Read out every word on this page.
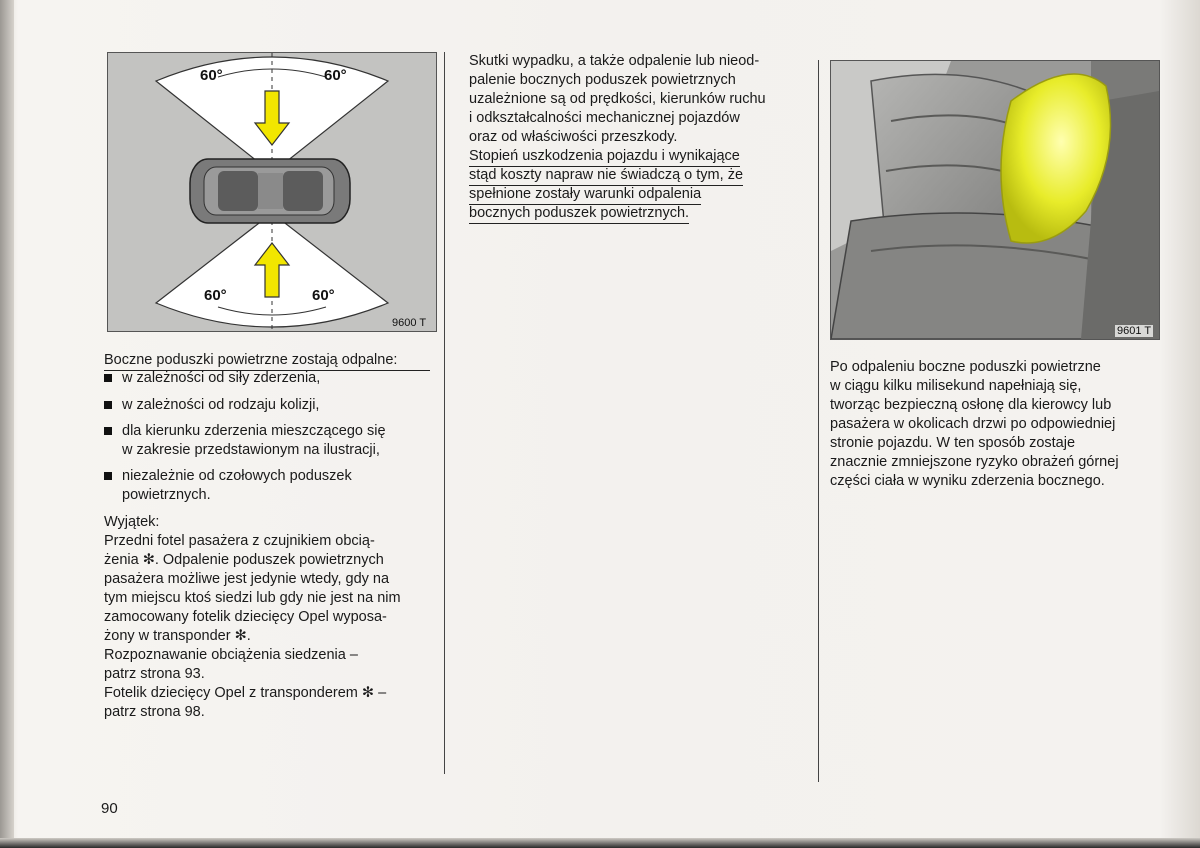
60°	60°
60°	60°
9600 T
Boczne poduszki powietrzne zostają odpalne:
w zależności od siły zderzenia,
w zależności od rodzaju kolizji,
dla kierunku zderzenia mieszczącego się
w zakresie przedstawionym na ilustracji,
niezależnie od czołowych poduszek
powietrznych.
Wyjątek:
Przedni fotel pasażera z czujnikiem obcią-
żenia ✻. Odpalenie poduszek powietrznych
pasażera możliwe jest jedynie wtedy, gdy na
tym miejscu ktoś siedzi lub gdy nie jest na nim
zamocowany fotelik dziecięcy Opel wyposa-
żony w transponder ✻.
Rozpoznawanie obciążenia siedzenia –
patrz strona 93.
Fotelik dziecięcy Opel z transponderem ✻ –
patrz strona 98.
Skutki wypadku, a także odpalenie lub nieod-
palenie bocznych poduszek powietrznych
uzależnione są od prędkości, kierunków ruchu
i odkształcalności mechanicznej pojazdów
oraz od właściwości przeszkody.
Stopień uszkodzenia pojazdu i wynikające
stąd koszty napraw nie świadczą o tym, że
spełnione zostały warunki odpalenia
bocznych poduszek powietrznych.
9601 T
Po odpaleniu boczne poduszki powietrzne
w ciągu kilku milisekund napełniają się,
tworząc bezpieczną osłonę dla kierowcy lub
pasażera w okolicach drzwi po odpowiedniej
stronie pojazdu. W ten sposób zostaje
znacznie zmniejszone ryzyko obrażeń górnej
części ciała w wyniku zderzenia bocznego.
90
